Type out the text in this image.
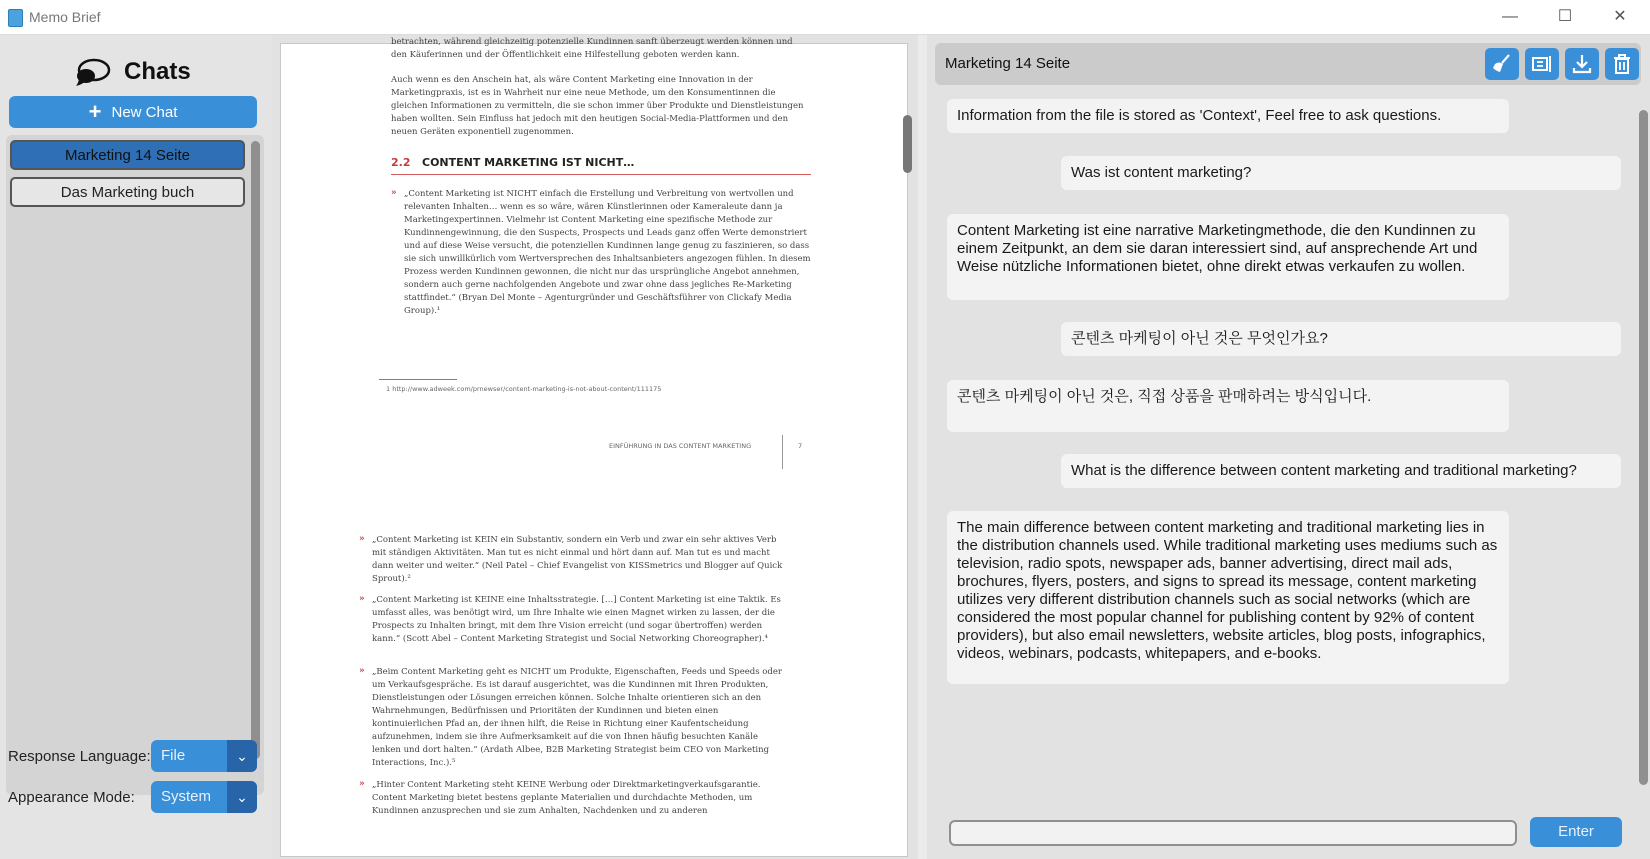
Memo Brief	—	☐	✕
Chats
+ New Chat
Marketing 14 Seite
Das Marketing buch
Response Language: File	⌄
Appearance Mode:	System	⌄
betrachten, während gleichzeitig potenzielle Kundinnen sanft überzeugt werden können und den Käuferinnen und der Öffentlichkeit eine Hilfestellung geboten werden kann.
Auch wenn es den Anschein hat, als wäre Content Marketing eine Innovation in der Marketingpraxis, ist es in Wahrheit nur eine neue Methode, um den Konsumentinnen die gleichen Informationen zu vermitteln, die sie schon immer über Produkte und Dienstleistungen haben wollten. Sein Einfluss hat jedoch mit den heutigen Social-Media-Plattformen und den neuen Geräten exponentiell zugenommen.
2.2 CONTENT MARKETING IST NICHT…
» „Content Marketing ist NICHT einfach die Erstellung und Verbreitung von wertvollen und relevanten Inhalten… wenn es so wäre, wären Künstlerinnen oder Kameraleute dann ja Marketingexpertinnen. Vielmehr ist Content Marketing eine spezifische Methode zur Kundinnengewinnung, die den Suspects, Prospects und Leads ganz offen Werte demonstriert und auf diese Weise versucht, die potenziellen Kundinnen lange genug zu faszinieren, so dass sie sich unwillkürlich vom Wertversprechen des Inhaltsanbieters angezogen fühlen. In diesem Prozess werden Kundinnen gewonnen, die nicht nur das ursprüngliche Angebot annehmen, sondern auch gerne nachfolgenden Angebote und zwar ohne dass jegliches Re-Marketing stattfindet.“ (Bryan Del Monte – Agenturgründer und Geschäftsführer von Clickafy Media Group).¹
1 http://www.adweek.com/prnewser/content-marketing-is-not-about-content/111175
EINFÜHRUNG IN DAS CONTENT MARKETING	7
» „Content Marketing ist KEIN ein Substantiv, sondern ein Verb und zwar ein sehr aktives Verb mit ständigen Aktivitäten. Man tut es nicht einmal und hört dann auf. Man tut es und macht dann weiter und weiter.“ (Neil Patel – Chief Evangelist von KISSmetrics und Blogger auf Quick Sprout).²
» „Content Marketing ist KEINE eine Inhaltsstrategie. […] Content Marketing ist eine Taktik. Es umfasst alles, was benötigt wird, um Ihre Inhalte wie einen Magnet wirken zu lassen, der die Prospects zu Inhalten bringt, mit dem Ihre Vision erreicht (und sogar übertroffen) werden kann.“ (Scott Abel – Content Marketing Strategist und Social Networking Choreographer).⁴
» „Beim Content Marketing geht es NICHT um Produkte, Eigenschaften, Feeds und Speeds oder um Verkaufsgespräche. Es ist darauf ausgerichtet, was die Kundinnen mit Ihren Produkten, Dienstleistungen oder Lösungen erreichen können. Solche Inhalte orientieren sich an den Wahrnehmungen, Bedürfnissen und Prioritäten der Kundinnen und bieten einen kontinuierlichen Pfad an, der ihnen hilft, die Reise in Richtung einer Kaufentscheidung aufzunehmen, indem sie ihre Aufmerksamkeit auf die von Ihnen häufig besuchten Kanäle lenken und dort halten.“ (Ardath Albee, B2B Marketing Strategist beim CEO von Marketing Interactions, Inc.).⁵
» „Hinter Content Marketing steht KEINE Werbung oder Direktmarketingverkaufsgarantie. Content Marketing bietet bestens geplante Materialien und durchdachte Methoden, um Kundinnen anzusprechen und sie zum Anhalten, Nachdenken und zu anderen
Marketing 14 Seite
Information from the file is stored as 'Context', Feel free to ask questions.
Was ist content marketing?
Content Marketing ist eine narrative Marketingmethode, die den Kundinnen zu einem Zeitpunkt, an dem sie daran interessiert sind, auf ansprechende Art und Weise nützliche Informationen bietet, ohne direkt etwas verkaufen zu wollen.
콘텐츠 마케팅이 아닌 것은 무엇인가요?
콘텐츠 마케팅이 아닌 것은, 직접 상품을 판매하려는 방식입니다.
What is the difference between content marketing and traditional marketing?
The main difference between content marketing and traditional marketing lies in the distribution channels used. While traditional marketing uses mediums such as television, radio spots, newspaper ads, banner advertising, direct mail ads, brochures, flyers, posters, and signs to spread its message, content marketing utilizes very different distribution channels such as social networks (which are considered the most popular channel for publishing content by 92% of content providers), but also email newsletters, website articles, blog posts, infographics, videos, webinars, podcasts, whitepapers, and e-books.
Enter
